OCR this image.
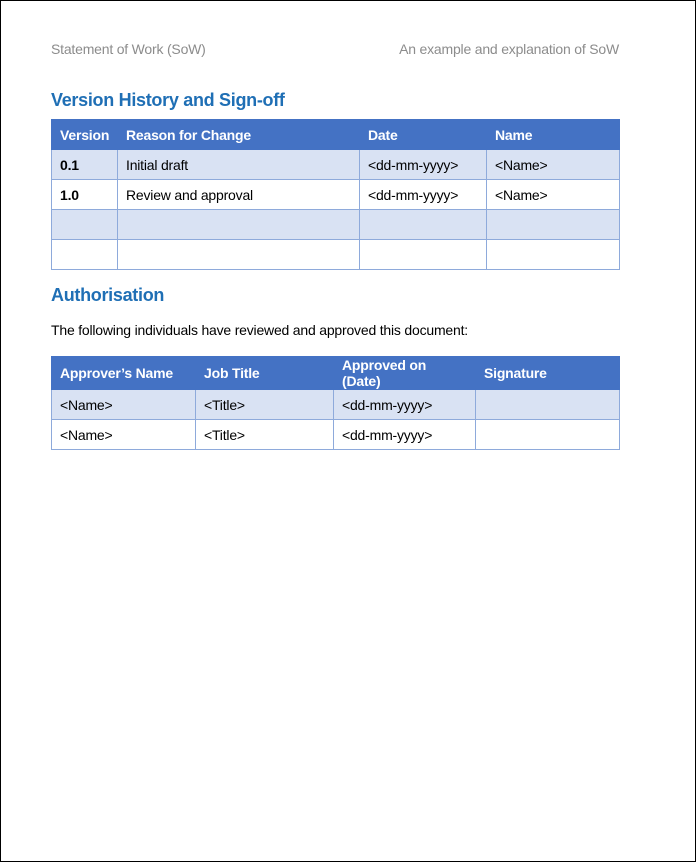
Statement of Work (SoW)	An example and explanation of SoW
Version History and Sign-off
Version	Reason for Change	Date	Name
0.1	Initial draft	<dd-mm-yyyy>	<Name>
1.0	Review and approval	<dd-mm-yyyy>	<Name>

Authorisation

The following individuals have reviewed and approved this document:

Approver’s Name	Job Title	Approved on (Date)	Signature
<Name>	<Title>	<dd-mm-yyyy>	
<Name>	<Title>	<dd-mm-yyyy>	
